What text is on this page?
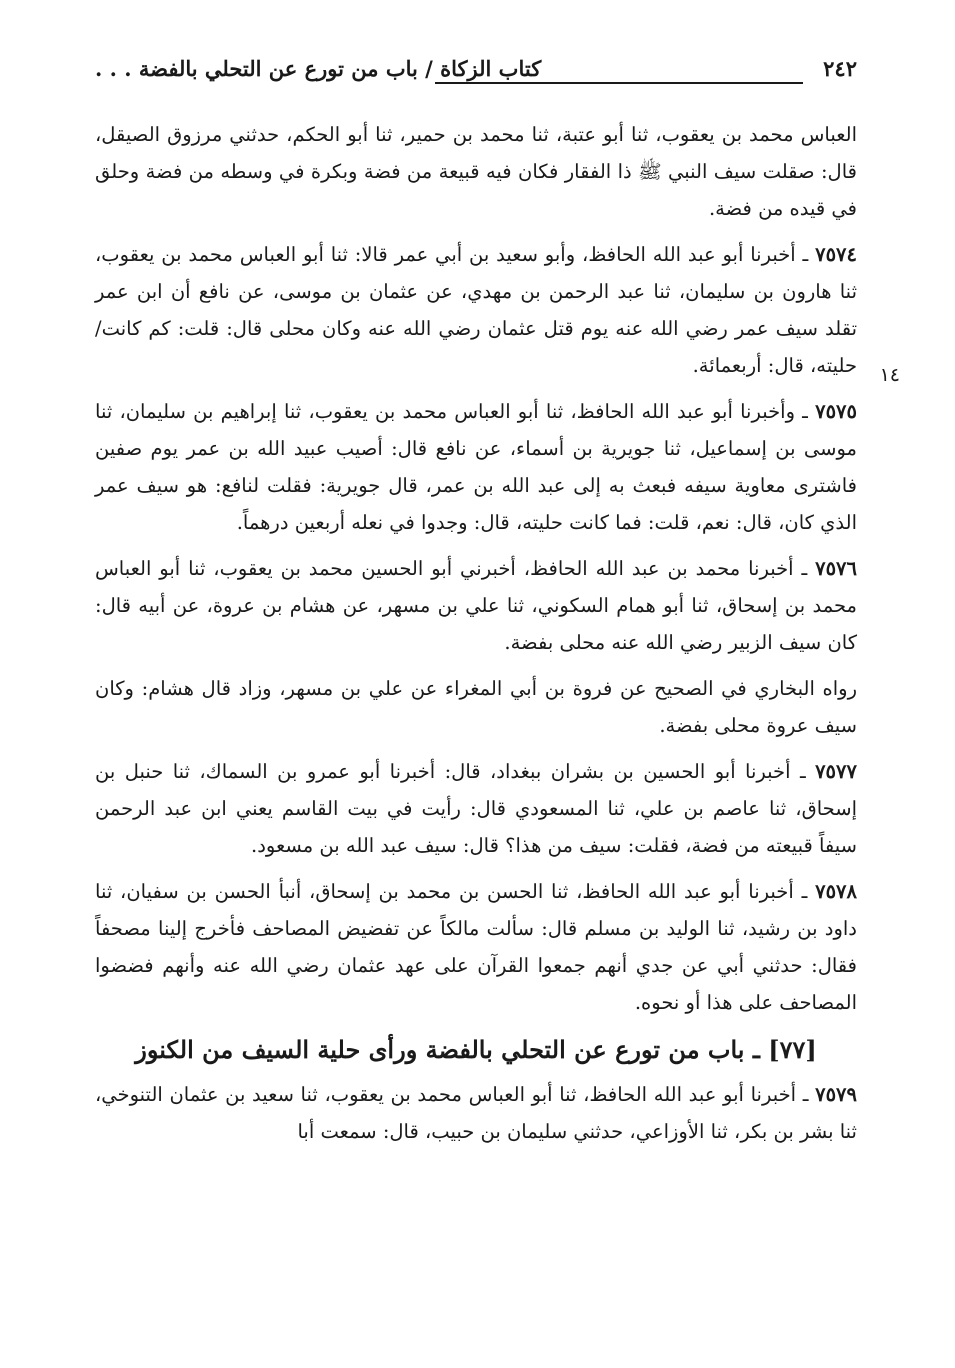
٢٤٢
كتاب الزكاة / باب من تورع عن التحلي بالفضة . . .
١٤

العباس محمد بن يعقوب، ثنا أبو عتبة، ثنا محمد بن حمير، ثنا أبو الحكم، حدثني مرزوق الصيقل، قال: صقلت سيف النبي ﷺ ذا الفقار فكان فيه قبيعة من فضة وبكرة في وسطه من فضة وحلق في قيده من فضة.

٧٥٧٤ ـ أخبرنا أبو عبد الله الحافظ، وأبو سعيد بن أبي عمر قالا: ثنا أبو العباس محمد بن يعقوب، ثنا هارون بن سليمان، ثنا عبد الرحمن بن مهدي، عن عثمان بن موسى، عن نافع أن ابن عمر تقلد سيف عمر رضي الله عنه يوم قتل عثمان رضي الله عنه وكان محلى قال: قلت: كم كانت/ حليته، قال: أربعمائة.

٧٥٧٥ ـ وأخبرنا أبو عبد الله الحافظ، ثنا أبو العباس محمد بن يعقوب، ثنا إبراهيم بن سليمان، ثنا موسى بن إسماعيل، ثنا جويرية بن أسماء، عن نافع قال: أصيب عبيد الله بن عمر يوم صفين فاشترى معاوية سيفه فبعث به إلى عبد الله بن عمر، قال جويرية: فقلت لنافع: هو سيف عمر الذي كان، قال: نعم، قلت: فما كانت حليته، قال: وجدوا في نعله أربعين درهماً.

٧٥٧٦ ـ أخبرنا محمد بن عبد الله الحافظ، أخبرني أبو الحسين محمد بن يعقوب، ثنا أبو العباس محمد بن إسحاق، ثنا أبو همام السكوني، ثنا علي بن مسهر، عن هشام بن عروة، عن أبيه قال: كان سيف الزبير رضي الله عنه محلى بفضة.

رواه البخاري في الصحيح عن فروة بن أبي المغراء عن علي بن مسهر، وزاد قال هشام: وكان سيف عروة محلى بفضة.

٧٥٧٧ ـ أخبرنا أبو الحسين بن بشران ببغداد، قال: أخبرنا أبو عمرو بن السماك، ثنا حنبل بن إسحاق، ثنا عاصم بن علي، ثنا المسعودي قال: رأيت في بيت القاسم يعني ابن عبد الرحمن سيفاً قبيعته من فضة، فقلت: سيف من هذا؟ قال: سيف عبد الله بن مسعود.

٧٥٧٨ ـ أخبرنا أبو عبد الله الحافظ، ثنا الحسن بن محمد بن إسحاق، أنبأ الحسن بن سفيان، ثنا داود بن رشيد، ثنا الوليد بن مسلم قال: سألت مالكاً عن تفضيض المصاحف فأخرج إلينا مصحفاً فقال: حدثني أبي عن جدي أنهم جمعوا القرآن على عهد عثمان رضي الله عنه وأنهم فضضوا المصاحف على هذا أو نحوه.

[٧٧] ـ باب من تورع عن التحلي بالفضة ورأى حلية السيف من الكنوز

٧٥٧٩ ـ أخبرنا أبو عبد الله الحافظ، ثنا أبو العباس محمد بن يعقوب، ثنا سعيد بن عثمان التنوخي، ثنا بشر بن بكر، ثنا الأوزاعي، حدثني سليمان بن حبيب، قال: سمعت أبا
